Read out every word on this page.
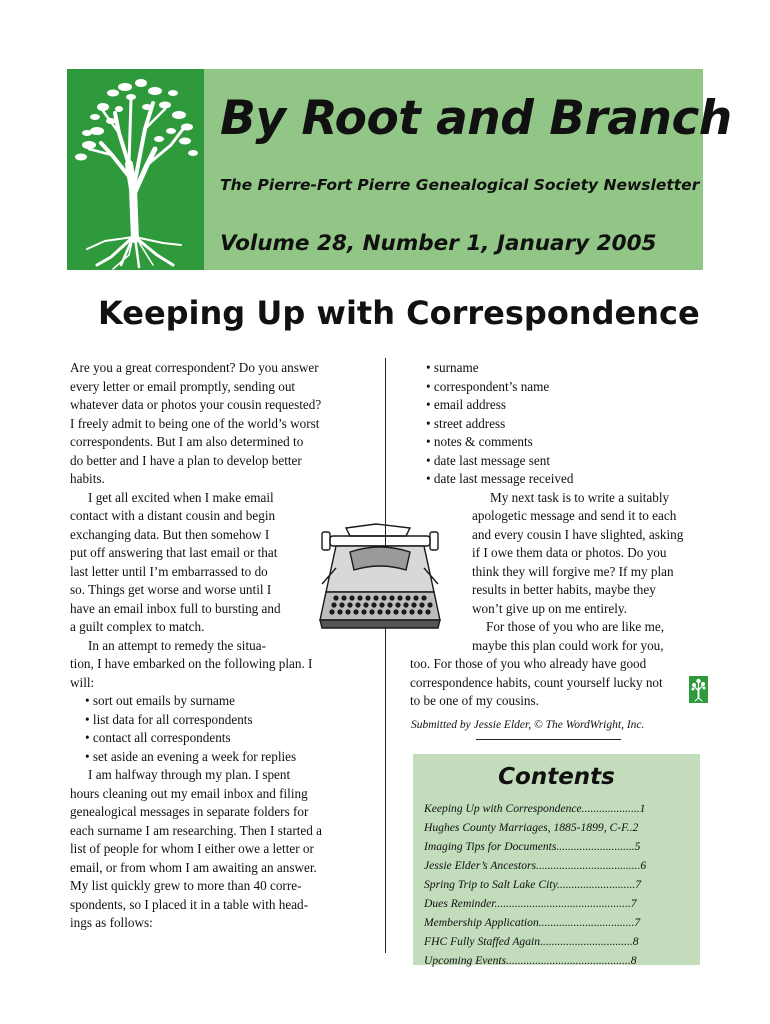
By Root and Branch
The Pierre-Fort Pierre Genealogical Society Newsletter
Volume 28, Number 1, January 2005
Keeping Up with Correspondence
Are you a great correspondent? Do you answer
every letter or email promptly, sending out
whatever data or photos your cousin requested?
I freely admit to being one of the world’s worst
correspondents. But I am also determined to
do better and I have a plan to develop better
habits.
I get all excited when I make email
contact with a distant cousin and begin
exchanging data. But then somehow I
put off answering that last email or that
last letter until I’m embarrassed to do
so. Things get worse and worse until I
have an email inbox full to bursting and
a guilt complex to match.
In an attempt to remedy the situa-
tion, I have embarked on the following plan. I
will:
• sort out emails by surname
• list data for all correspondents
• contact all correspondents
• set aside an evening a week for replies
I am halfway through my plan. I spent
hours cleaning out my email inbox and filing
genealogical messages in separate folders for
each surname I am researching. Then I started a
list of people for whom I either owe a letter or
email, or from whom I am awaiting an answer.
My list quickly grew to more than 40 corre-
spondents, so I placed it in a table with head-
ings as follows:
• surname
• correspondent’s name
• email address
• street address
• notes & comments
• date last message sent
• date last message received
My next task is to write a suitably
apologetic message and send it to each
and every cousin I have slighted, asking
if I owe them data or photos. Do you
think they will forgive me? If my plan
results in better habits, maybe they
won’t give up on me entirely.
For those of you who are like me,
maybe this plan could work for you,
too. For those of you who already have good
correspondence habits, count yourself lucky not
to be one of my cousins.
Submitted by Jessie Elder, © The WordWright, Inc.
Contents
Keeping Up with Correspondence....................1
Hughes County Marriages, 1885-1899, C-F..2
Imaging Tips for Documents...........................5
Jessie Elder’s Ancestors....................................6
Spring Trip to Salt Lake City...........................7
Dues Reminder...............................................7
Membership Application.................................7
FHC Fully Staffed Again................................8
Upcoming Events...........................................8
